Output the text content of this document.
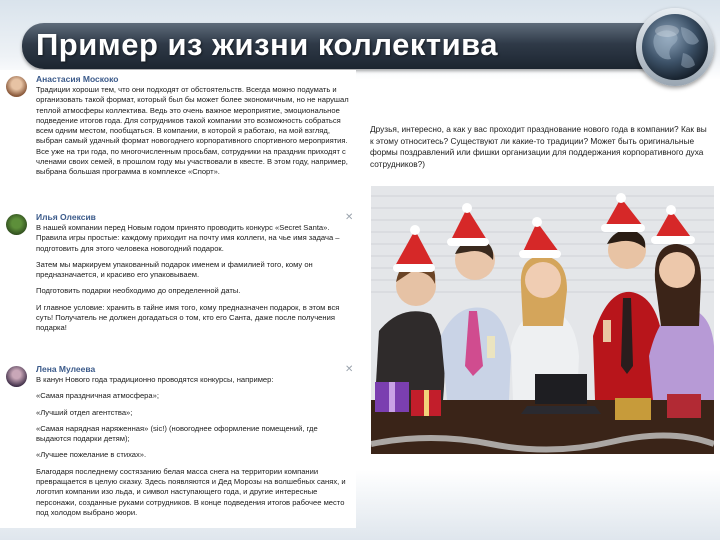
Пример из жизни коллектива
Анастасия Москоко

Традиции хороши тем, что они подходят от обстоятельств. Всегда можно подумать и организовать такой формат, который был бы может более экономичным, но не нарушал теплой атмосферы коллектива. Ведь это очень важное мероприятие, эмоциональное подведение итогов года. Для сотрудников такой компании это возможность собраться всем одним местом, пообщаться. В компании, в которой я работаю, на мой взгляд, выбран самый удачный формат новогоднего корпоративного спортивного мероприятия. Все уже на три года, по многочисленным просьбам, сотрудники на праздник приходят с членами своих семей, в прошлом году мы участвовали в квесте. В этом году, например, выбрана большая программа в комплексе «Спорт».

Илья Олексив	✕

В нашей компании перед Новым годом принято проводить конкурс «Secret Santa». Правила игры простые: каждому приходит на почту имя коллеги, на чье имя задача – подготовить для этого человека новогодний подарок.

Затем мы маркируем упакованный подарок именем и фамилией того, кому он предназначается, и красиво его упаковываем.

Подготовить подарки необходимо до определенной даты.

И главное условие: хранить в тайне имя того, кому предназначен подарок, в этом вся суть! Получатель не должен догадаться о том, кто его Санта, даже после получения подарка!

Лена Мулеева	✕

В канун Нового года традиционно проводятся конкурсы, например:

«Самая праздничная атмосфера»;

«Лучший отдел агентства»;

«Самая нарядная наряженная» (sic!) (новогоднее оформление помещений, где выдаются подарки детям);

«Лучшее пожелание в стихах».

Благодаря последнему состязанию белая масса снега на территории компании превращается в целую сказку. Здесь появляются и Дед Морозы на волшебных санях, и логотип компании изо льда, и символ наступающего года, и другие интересные персонажи, созданные руками сотрудников. В конце подведения итогов рабочее место под холодом выбрано жюри.

Друзья, интересно, а как у вас проходит празднование нового года в компании? Как вы к этому относитесь? Существуют ли какие-то традиции? Может быть оригинальные формы поздравлений или фишки организации для поддержания корпоративного духа сотрудников?)
